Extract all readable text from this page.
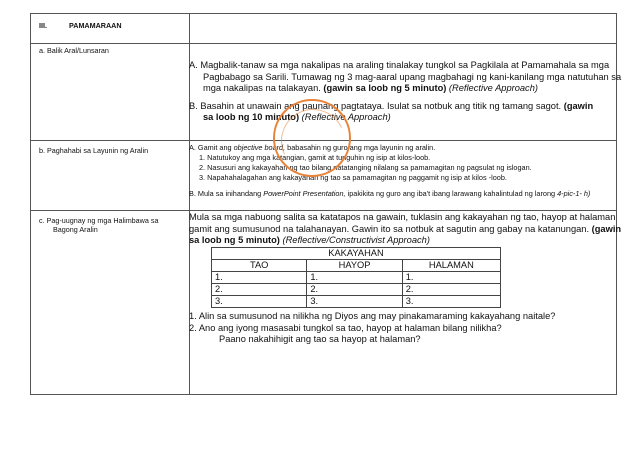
III.	PAMAMARAAN
a. Balik Aral/Lunsaran
A. Magbalik-tanaw sa mga nakalipas na araling tinalakay tungkol sa Pagkilala at Pamamahala sa mga
Pagbabago sa Sarili. Tumawag ng 3 mag-aaral upang magbahagi ng kani-kanilang mga natutuhan sa
mga nakalipas na talakayan. (gawin sa loob ng 5 minuto) (Reflective Approach)
B. Basahin at unawain ang paunang pagtataya. Isulat sa notbuk ang titik ng tamang sagot. (gawin
sa loob ng 10 minuto) (Reflective Approach)
b. Paghahabi sa Layunin ng Aralin	A. Gamit ang objective board, babasahin ng guro ang mga layunin ng aralin.
1. Natutukoy ang mga katangian, gamit at tunguhin ng isip at kilos-loob.
2. Nasusuri ang kakayahan ng tao bilang natatanging nilalang sa pamamagitan ng pagsulat ng islogan.
3. Napahahalagahan ang kakayahan ng tao sa pamamagitan ng paggamit ng isip at kilos -loob.
B. Mula sa inihandang PowerPoint Presentation, ipakikita ng guro ang iba't ibang larawang kahalintulad ng larong 4-pic-1- h)
c. Pag-uugnay ng mga Halimbawa sa
Bagong Aralin
Mula sa mga nabuong salita sa katatapos na gawain, tuklasin ang kakayahan ng tao, hayop at halaman
gamit ang sumusunod na talahanayan. Gawin ito sa notbuk at sagutin ang gabay na katanungan. (gawin
sa loob ng 5 minuto) (Reflective/Constructivist Approach)
KAKAYAHAN		
TAO	HAYOP	HALAMAN
1.	1.	1.
2.	2.	2.
3.	3.	3.
1. Alin sa sumusunod na nilikha ng Diyos ang may pinakamaraming kakayahang naitale?
2. Ano ang iyong masasabi tungkol sa tao, hayop at halaman bilang nilikha?
Paano nakahihigit ang tao sa hayop at halaman?
